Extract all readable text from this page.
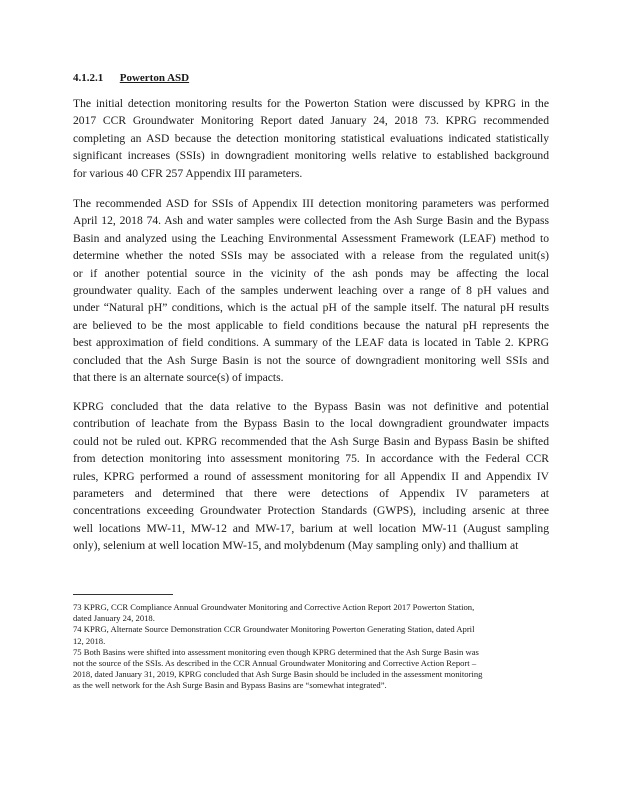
4.1.2.1 Powerton ASD
The initial detection monitoring results for the Powerton Station were discussed by KPRG in the
2017 CCR Groundwater Monitoring Report dated January 24, 2018 73. KPRG recommended
completing an ASD because the detection monitoring statistical evaluations indicated statistically
significant increases (SSIs) in downgradient monitoring wells relative to established background
for various 40 CFR 257 Appendix III parameters.
The recommended ASD for SSIs of Appendix III detection monitoring parameters was performed
April 12, 2018 74. Ash and water samples were collected from the Ash Surge Basin and the Bypass
Basin and analyzed using the Leaching Environmental Assessment Framework (LEAF) method to
determine whether the noted SSIs may be associated with a release from the regulated unit(s)
or if another potential source in the vicinity of the ash ponds may be affecting the local
groundwater quality. Each of the samples underwent leaching over a range of 8 pH values and
under “Natural pH” conditions, which is the actual pH of the sample itself. The natural pH results
are believed to be the most applicable to field conditions because the natural pH represents the
best approximation of field conditions. A summary of the LEAF data is located in Table 2. KPRG
concluded that the Ash Surge Basin is not the source of downgradient monitoring well SSIs and
that there is an alternate source(s) of impacts.
KPRG concluded that the data relative to the Bypass Basin was not definitive and potential
contribution of leachate from the Bypass Basin to the local downgradient groundwater impacts
could not be ruled out. KPRG recommended that the Ash Surge Basin and Bypass Basin be shifted
from detection monitoring into assessment monitoring 75. In accordance with the Federal CCR
rules, KPRG performed a round of assessment monitoring for all Appendix II and Appendix IV
parameters and determined that there were detections of Appendix IV parameters at
concentrations exceeding Groundwater Protection Standards (GWPS), including arsenic at three
well locations MW-11, MW-12 and MW-17, barium at well location MW-11 (August sampling
only), selenium at well location MW-15, and molybdenum (May sampling only) and thallium at
73 KPRG, CCR Compliance Annual Groundwater Monitoring and Corrective Action Report 2017 Powerton Station,
dated January 24, 2018.
74 KPRG, Alternate Source Demonstration CCR Groundwater Monitoring Powerton Generating Station, dated April
12, 2018.
75 Both Basins were shifted into assessment monitoring even though KPRG determined that the Ash Surge Basin was
not the source of the SSIs. As described in the CCR Annual Groundwater Monitoring and Corrective Action Report –
2018, dated January 31, 2019, KPRG concluded that Ash Surge Basin should be included in the assessment monitoring
as the well network for the Ash Surge Basin and Bypass Basins are “somewhat integrated”.
